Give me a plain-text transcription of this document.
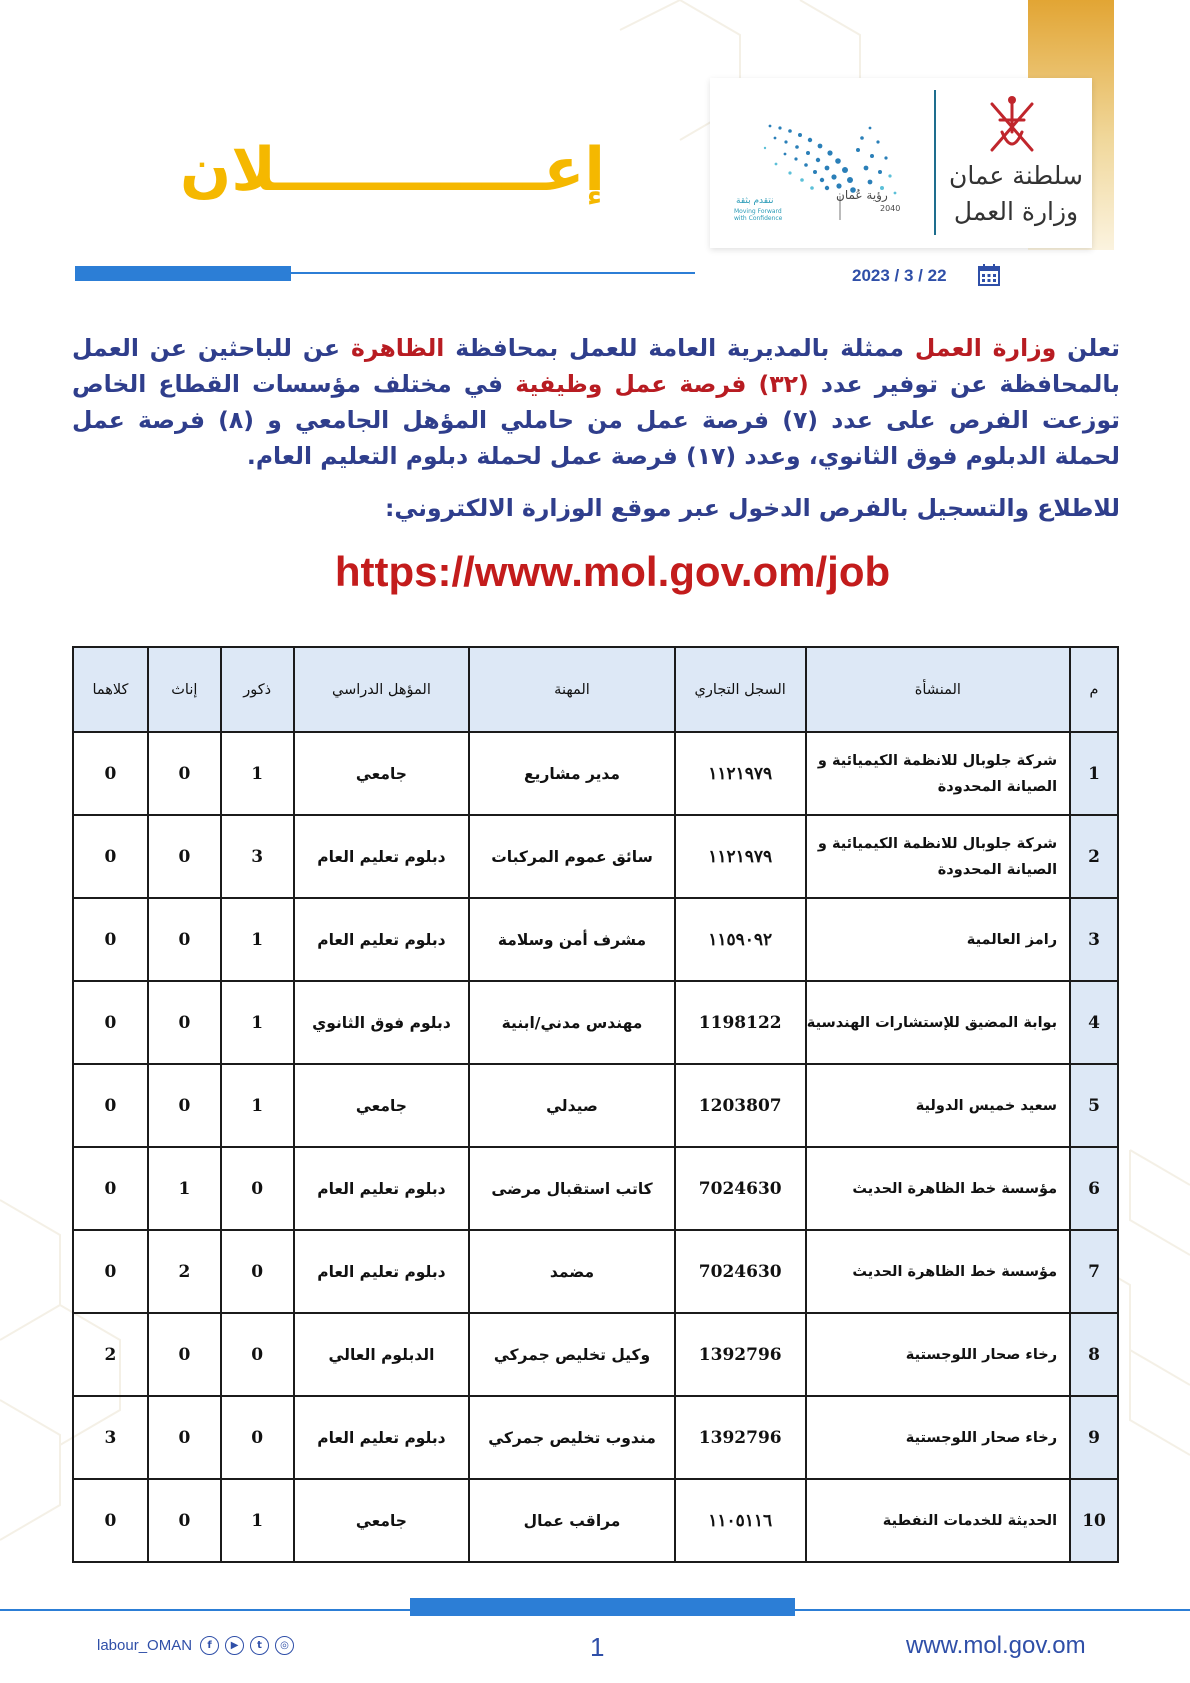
رؤية عُمان
2040
نتقدم بثقة
Moving Forward
with Confidence
سلطنة عمان
وزارة العمل
إعـــــــــــــلان
2023 / 3 / 22

تعلن وزارة العمل ممثلة بالمديرية العامة للعمل بمحافظة الظاهرة عن للباحثين عن العمل بالمحافظة عن توفير عدد (٣٢) فرصة عمل وظيفية في مختلف مؤسسات القطاع الخاص توزعت الفرص على عدد (٧) فرصة عمل من حاملي المؤهل الجامعي و (٨) فرصة عمل لحملة الدبلوم فوق الثانوي، وعدد (١٧) فرصة عمل لحملة دبلوم التعليم العام.

للاطلاع والتسجيل بالفرص الدخول عبر موقع الوزارة الالكتروني:

https://www.mol.gov.om/job
م	المنشأة	السجل التجاري	المهنة	المؤهل الدراسي	ذكور	إناث	كلاهما
1	شركة جلوبال للانظمة الكيميائية و الصيانة المحدودة	١١٢١٩٧٩	مدير مشاريع	جامعي	1	0	0
2	شركة جلوبال للانظمة الكيميائية و الصيانة المحدودة	١١٢١٩٧٩	سائق عموم المركبات	دبلوم تعليم العام	3	0	0
3	رامز العالمية	١١٥٩٠٩٢	مشرف أمن وسلامة	دبلوم تعليم العام	1	0	0
4	بوابة المضيق للإستشارات الهندسية	1198122	مهندس مدني/ابنية	دبلوم فوق الثانوي	1	0	0
5	سعيد خميس الدولية	1203807	صيدلي	جامعي	1	0	0
6	مؤسسة خط الظاهرة الحديث	7024630	كاتب استقبال مرضى	دبلوم تعليم العام	0	1	0
7	مؤسسة خط الظاهرة الحديث	7024630	مضمد	دبلوم تعليم العام	0	2	0
8	رخاء صحار اللوجستية	1392796	وكيل تخليص جمركي	الدبلوم العالي	0	0	2
9	رخاء صحار اللوجستية	1392796	مندوب تخليص جمركي	دبلوم تعليم العام	0	0	3
10	الحديثة للخدمات النفطية	١١٠٥١١٦	مراقب عمال	جامعي	1	0	0
labour_OMAN	f	▶	t	◎	1	www.mol.gov.om
